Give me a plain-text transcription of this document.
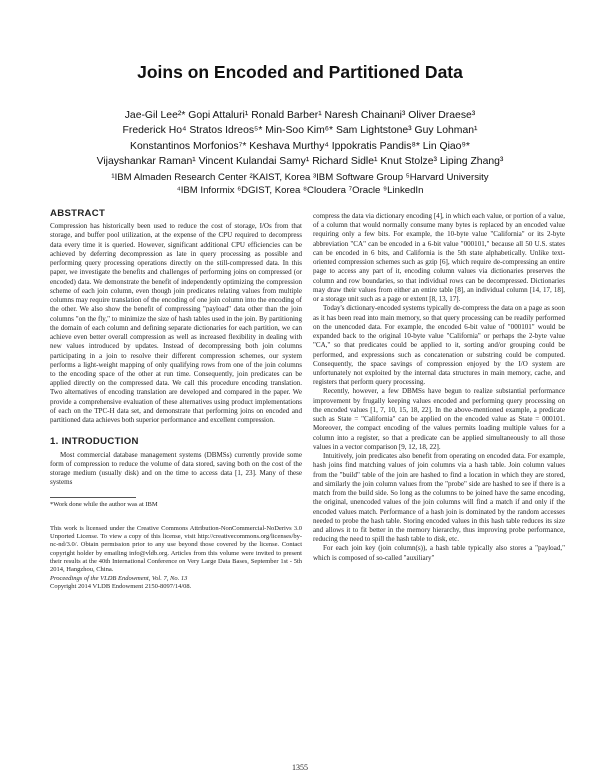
Joins on Encoded and Partitioned Data
Jae-Gil Lee²* Gopi Attaluri¹ Ronald Barber¹ Naresh Chainani³ Oliver Draese³
Frederick Ho⁴ Stratos Idreos⁵* Min-Soo Kim⁶* Sam Lightstone³ Guy Lohman¹
Konstantinos Morfonios⁷* Keshava Murthy⁴ Ippokratis Pandis⁸* Lin Qiao⁹*
Vijayshankar Raman¹ Vincent Kulandai Samy¹ Richard Sidle¹ Knut Stolze³ Liping Zhang³
¹IBM Almaden Research Center ²KAIST, Korea ³IBM Software Group ⁵Harvard University
⁴IBM Informix ⁶DGIST, Korea ⁸Cloudera ⁷Oracle ⁹LinkedIn
ABSTRACT

Compression has historically been used to reduce the cost of storage, I/Os from that storage, and buffer pool utilization, at the expense of the CPU required to decompress data every time it is queried. However, significant additional CPU efficiencies can be achieved by deferring decompression as late in query processing as possible and performing query processing operations directly on the still-compressed data. In this paper, we investigate the benefits and challenges of performing joins on compressed (or encoded) data. We demonstrate the benefit of independently optimizing the compression scheme of each join column, even though join predicates relating values from multiple columns may require translation of the encoding of one join column into the encoding of the other. We also show the benefit of compressing "payload" data other than the join columns "on the fly," to minimize the size of hash tables used in the join. By partitioning the domain of each column and defining separate dictionaries for each partition, we can achieve even better overall compression as well as increased flexibility in dealing with new values introduced by updates. Instead of decompressing both join columns participating in a join to resolve their different compression schemes, our system performs a light-weight mapping of only qualifying rows from one of the join columns to the encoding space of the other at run time. Consequently, join predicates can be applied directly on the compressed data. We call this procedure encoding translation. Two alternatives of encoding translation are developed and compared in the paper. We provide a comprehensive evaluation of these alternatives using product implementations of each on the TPC-H data set, and demonstrate that performing joins on encoded and partitioned data achieves both superior performance and excellent compression.

1. INTRODUCTION

Most commercial database management systems (DBMSs) currently provide some form of compression to reduce the volume of data stored, saving both on the cost of the storage medium (usually disk) and on the time to access data [1, 23]. Many of these systems

*Work done while the author was at IBM

This work is licensed under the Creative Commons Attribution-NonCommercial-NoDerivs 3.0 Unported License. To view a copy of this license, visit http://creativecommons.org/licenses/by-nc-nd/3.0/. Obtain permission prior to any use beyond those covered by the license. Contact copyright holder by emailing info@vldb.org. Articles from this volume were invited to present their results at the 40th International Conference on Very Large Data Bases, September 1st - 5th 2014, Hangzhou, China.

Proceedings of the VLDB Endowment, Vol. 7, No. 13

Copyright 2014 VLDB Endowment 2150-8097/14/08.

compress the data via dictionary encoding [4], in which each value, or portion of a value, of a column that would normally consume many bytes is replaced by an encoded value requiring only a few bits. For example, the 10-byte value "California" or its 2-byte abbreviation "CA" can be encoded in a 6-bit value "000101," because all 50 U.S. states can be encoded in 6 bits, and California is the 5th state alphabetically. Unlike text-oriented compression schemes such as gzip [6], which require de-compressing an entire page to access any part of it, encoding column values via dictionaries preserves the column and row boundaries, so that individual rows can be decompressed. Dictionaries may draw their values from either an entire table [8], an individual column [14, 17, 18], or a storage unit such as a page or extent [8, 13, 17].

Today's dictionary-encoded systems typically de-compress the data on a page as soon as it has been read into main memory, so that query processing can be readily performed on the unencoded data. For example, the encoded 6-bit value of "000101" would be expanded back to the original 10-byte value "California" or perhaps the 2-byte value "CA," so that predicates could be applied to it, sorting and/or grouping could be performed, and expressions such as concatenation or substring could be computed. Consequently, the space savings of compression enjoyed by the I/O system are unfortunately not exploited by the internal data structures in main memory, cache, and registers that perform query processing.

Recently, however, a few DBMSs have begun to realize substantial performance improvement by frugally keeping values encoded and performing query processing on the encoded values [1, 7, 10, 15, 18, 22]. In the above-mentioned example, a predicate such as State = "California" can be applied on the encoded value as State = 000101. Moreover, the compact encoding of the values permits loading multiple values for a column into a register, so that a predicate can be applied simultaneously to all those values in a vector comparison [9, 12, 18, 22].

Intuitively, join predicates also benefit from operating on encoded data. For example, hash joins find matching values of join columns via a hash table. Join column values from the "build" table of the join are hashed to find a location in which they are stored, and similarly the join column values from the "probe" side are hashed to see if there is a match from the build side. So long as the columns to be joined have the same encoding, the original, unencoded values of the join columns will find a match if and only if the encoded values match. Performance of a hash join is dominated by the random accesses needed to probe the hash table. Storing encoded values in this hash table reduces its size and allows it to fit better in the memory hierarchy, thus improving probe performance, reducing the need to spill the hash table to disk, etc.

For each join key (join column(s)), a hash table typically also stores a "payload," which is composed of so-called "auxiliary"

1355
